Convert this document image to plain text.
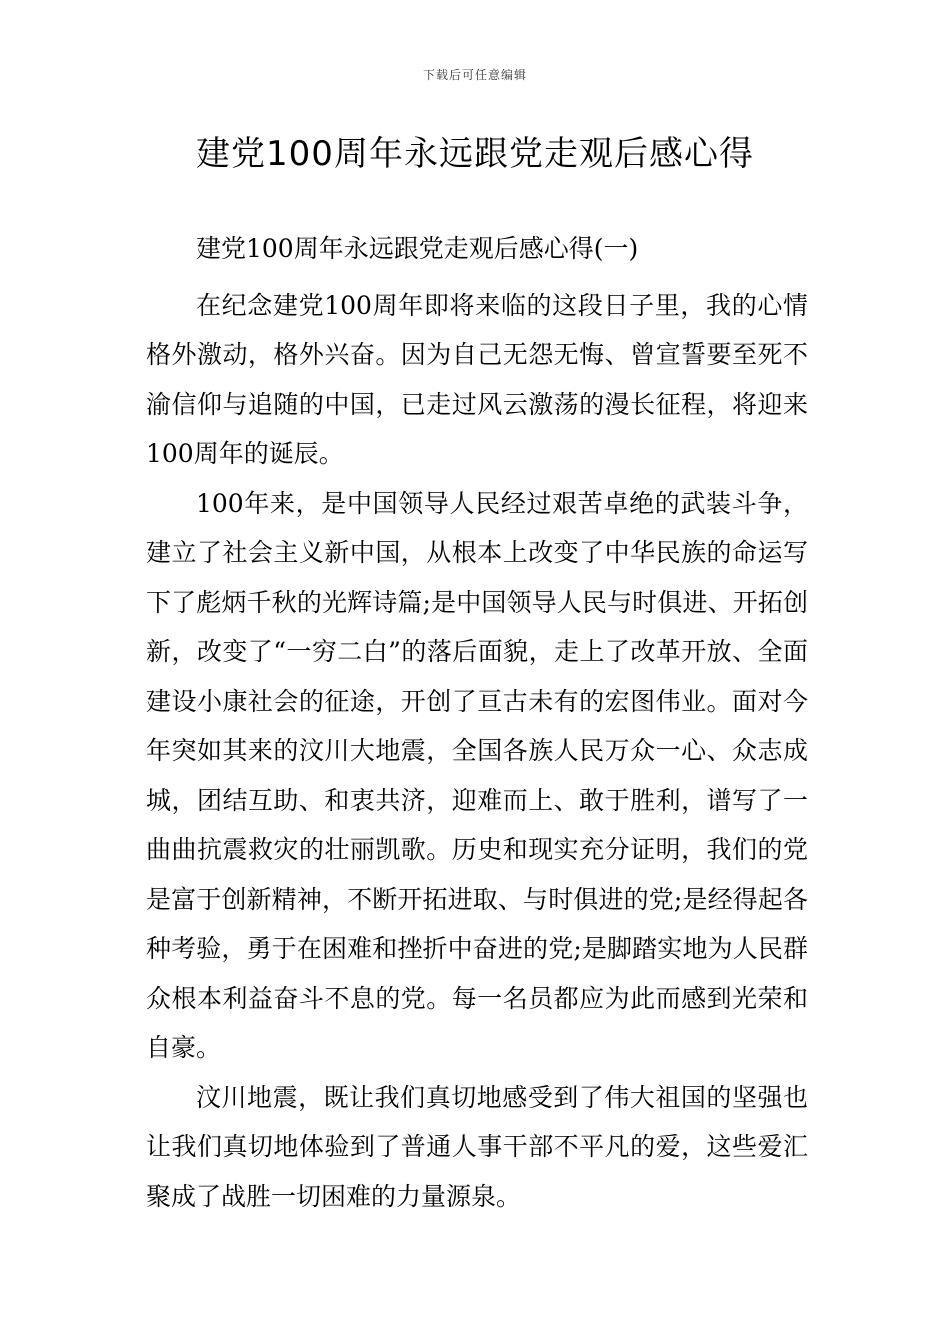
下载后可任意编辑
建党100周年永远跟党走观后感心得
建党100周年永远跟党走观后感心得(一)

在纪念建党100周年即将来临的这段日子里，我的心情格外激动，格外兴奋。因为自己无怨无悔、曾宣誓要至死不渝信仰与追随的中国，已走过风云激荡的漫长征程，将迎来100周年的诞辰。

100年来，是中国领导人民经过艰苦卓绝的武装斗争，建立了社会主义新中国，从根本上改变了中华民族的命运写下了彪炳千秋的光辉诗篇;是中国领导人民与时俱进、开拓创新，改变了“一穷二白”的落后面貌，走上了改革开放、全面建设小康社会的征途，开创了亘古未有的宏图伟业。面对今年突如其来的汶川大地震，全国各族人民万众一心、众志成城，团结互助、和衷共济，迎难而上、敢于胜利，谱写了一曲曲抗震救灾的壮丽凯歌。历史和现实充分证明，我们的党是富于创新精神，不断开拓进取、与时俱进的党;是经得起各种考验，勇于在困难和挫折中奋进的党;是脚踏实地为人民群众根本利益奋斗不息的党。每一名员都应为此而感到光荣和自豪。

汶川地震，既让我们真切地感受到了伟大祖国的坚强也让我们真切地体验到了普通人事干部不平凡的爱，这些爱汇聚成了战胜一切困难的力量源泉。
